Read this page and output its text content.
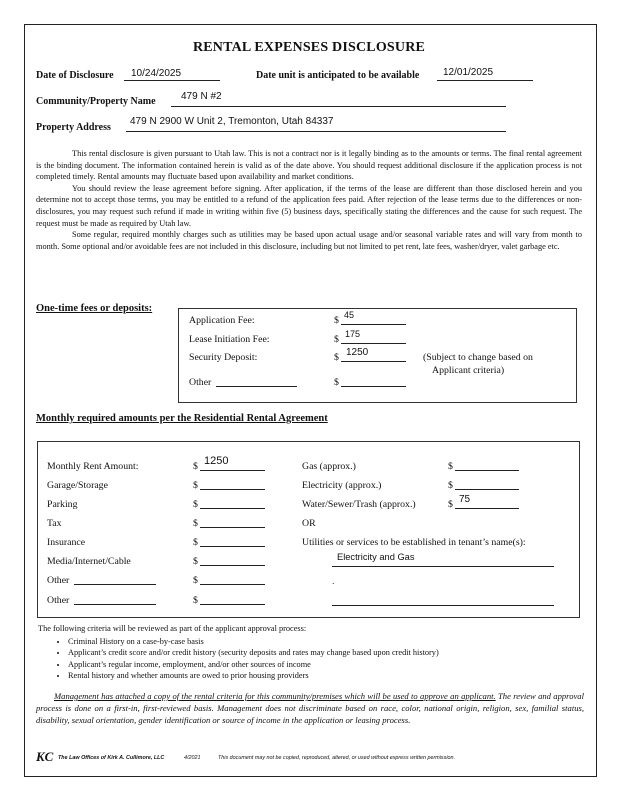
RENTAL EXPENSES DISCLOSURE
Date of Disclosure 10/24/2025	Date unit is anticipated to be available 12/01/2025
Community/Property Name	479 N #2
Property Address
479 N 2900 W Unit 2, Tremonton, Utah 84337

This rental disclosure is given pursuant to Utah law. This is not a contract nor is it legally binding as to the amounts or terms. The final rental agreement is the binding document. The information contained herein is valid as of the date above. You should request additional disclosure if the application process is not completed timely. Rental amounts may fluctuate based upon availability and market conditions.

You should review the lease agreement before signing. After application, if the terms of the lease are different than those disclosed herein and you determine not to accept those terms, you may be entitled to a refund of the application fees paid. After rejection of the lease terms due to the differences or non-disclosures, you may request such refund if made in writing within five (5) business days, specifically stating the differences and the cause for such request. The request must be made as required by Utah law.

Some regular, required monthly charges such as utilities may be based upon actual usage and/or seasonal variable rates and will vary from month to month. Some optional and/or avoidable fees are not included in this disclosure, including but not limited to pet rent, late fees, washer/dryer, valet garbage etc.

One-time fees or deposits:
Application Fee:	$ 45
Lease Initiation Fee:	$ 175
Security Deposit:	$ 1250	(Subject to change based on
Applicant criteria)
Other	$
Monthly required amounts per the Residential Rental Agreement
Monthly Rent Amount:	$ 1250
Garage/Storage	$
Parking	$
Tax	$
Insurance	$
Media/Internet/Cable	$
Other	$
Other	$
Gas (approx.)	$
Electricity (approx.)	$
Water/Sewer/Trash (approx.)	$ 75
OR
Utilities or services to be established in tenant’s name(s):
Electricity and Gas
.
The following criteria will be reviewed as part of the applicant approval process:
• Criminal History on a case-by-case basis
• Applicant’s credit score and/or credit history (security deposits and rates may change based upon credit history)
• Applicant’s regular income, employment, and/or other sources of income
• Rental history and whether amounts are owed to prior housing providers
Management has attached a copy of the rental criteria for this community/premises which will be used to approve an applicant. The review and approval process is done on a first-in, first-reviewed basis. Management does not discriminate based on race, color, national origin, religion, sex, familial status, disability, sexual orientation, gender identification or source of income in the application or leasing process.
KC The Law Offices of Kirk A. Cullimore, LLC	4/2021	This document may not be copied, reproduced, altered, or used without express written permission.
